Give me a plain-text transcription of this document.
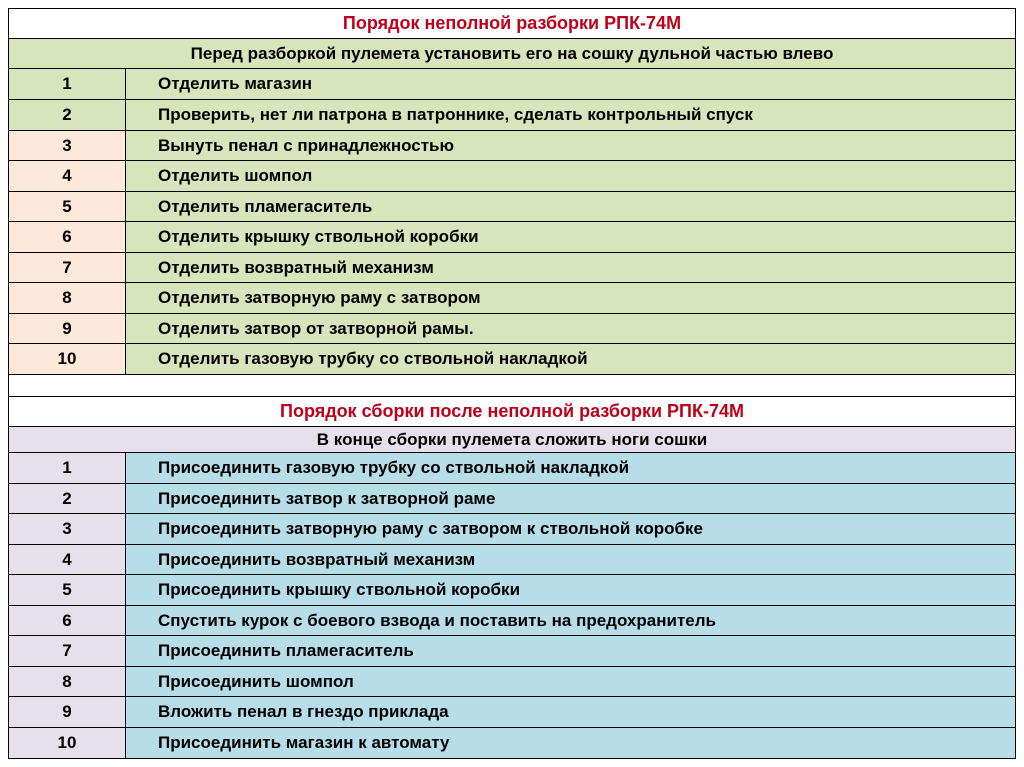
Порядок неполной разборки РПК-74М
Перед разборкой пулемета установить его на сошку дульной частью влево
1	Отделить магазин
2	Проверить, нет ли патрона в патроннике, сделать контрольный спуск
3	Вынуть пенал с принадлежностью
4	Отделить шомпол
5	Отделить пламегаситель
6	Отделить крышку ствольной коробки
7	Отделить возвратный механизм
8	Отделить затворную раму с затвором
9	Отделить затвор от затворной рамы.
10	Отделить газовую трубку со ствольной накладкой
Порядок сборки после неполной разборки РПК-74М
В конце сборки пулемета сложить ноги сошки
1	Присоединить газовую трубку со ствольной накладкой
2	Присоединить затвор к затворной раме
3	Присоединить затворную раму с затвором к ствольной коробке
4	Присоединить возвратный механизм
5	Присоединить крышку ствольной коробки
6	Спустить курок с боевого взвода и поставить на предохранитель
7	Присоединить пламегаситель
8	Присоединить шомпол
9	Вложить пенал в гнездо приклада
10	Присоединить магазин к автомату
